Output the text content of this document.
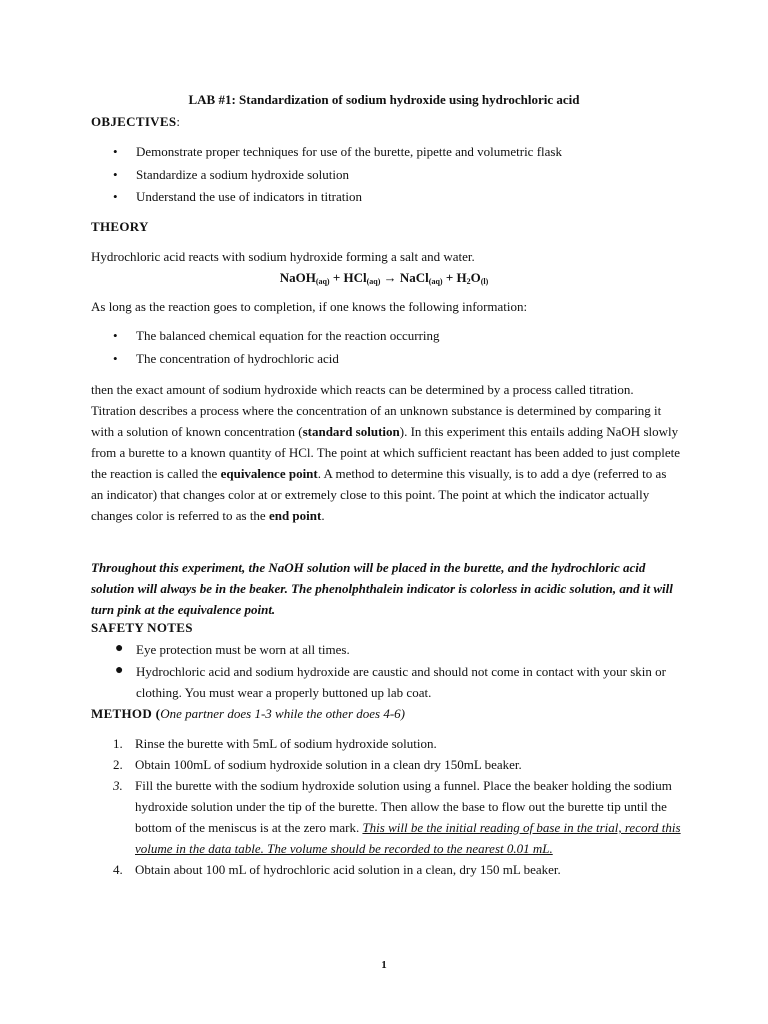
LAB #1: Standardization of sodium hydroxide using hydrochloric acid
OBJECTIVES:
• Demonstrate proper techniques for use of the burette, pipette and volumetric flask
• Standardize a sodium hydroxide solution
• Understand the use of indicators in titration
THEORY
Hydrochloric acid reacts with sodium hydroxide forming a salt and water.
NaOH$_{(aq)}$ + HCl$_{(aq)}$ → NaCl$_{(aq)}$ + $H_2O_{(l)}$
As long as the reaction goes to completion, if one knows the following information:
• The balanced chemical equation for the reaction occurring
• The concentration of hydrochloric acid
then the exact amount of sodium hydroxide which reacts can be determined by a process called titration. Titration describes a process where the concentration of an unknown substance is determined by comparing it with a solution of known concentration (standard solution). In this experiment this entails adding NaOH slowly from a burette to a known quantity of HCl. The point at which sufficient reactant has been added to just complete the reaction is called the equivalence point. A method to determine this visually, is to add a dye (referred to as an indicator) that changes color at or extremely close to this point. The point at which the indicator actually changes color is referred to as the end point.
Throughout this experiment, the NaOH solution will be placed in the burette, and the hydrochloric acid solution will always be in the beaker. The phenolphthalein indicator is colorless in acidic solution, and it will turn pink at the equivalence point.
SAFETY NOTES
● Eye protection must be worn at all times.
● Hydrochloric acid and sodium hydroxide are caustic and should not come in contact with your skin or clothing. You must wear a properly buttoned up lab coat.
METHOD (One partner does 1-3 while the other does 4-6)
1. Rinse the burette with 5mL of sodium hydroxide solution.
2. Obtain 100mL of sodium hydroxide solution in a clean dry 150mL beaker.
3. Fill the burette with the sodium hydroxide solution using a funnel. Place the beaker holding the sodium hydroxide solution under the tip of the burette. Then allow the base to flow out the burette tip until the bottom of the meniscus is at the zero mark. This will be the initial reading of base in the trial, record this volume in the data table. The volume should be recorded to the nearest 0.01 mL.
4. Obtain about 100 mL of hydrochloric acid solution in a clean, dry 150 mL beaker.
1
